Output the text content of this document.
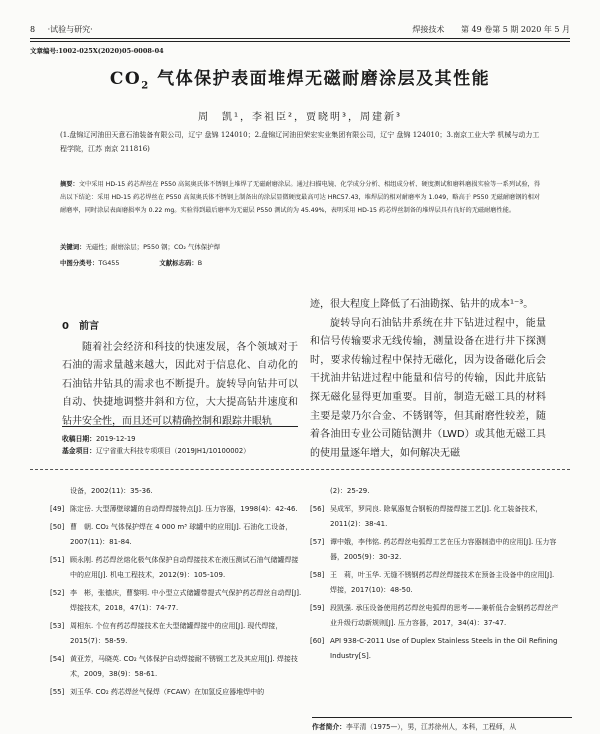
8 ·试验与研究·	焊接技术 第 49 卷第 5 期 2020 年 5 月
文章编号:1002-025X(2020)05-0008-04
$CO_2$ 气体保护表面堆焊无磁耐磨涂层及其性能
周　凯¹，李祖臣²，贾晓明³，周建新³
(1.盘锦辽河油田天意石油装备有限公司，辽宁 盘锦 124010；2.盘锦辽河油田荣宏实业集团有限公司，辽宁 盘锦 124010；3.南京工业大学 机械与动力工程学院，江苏 南京 211816)
摘要：文中采用 HD-15 药芯焊丝在 P550 高氮奥氏体不锈钢上堆焊了无磁耐磨涂层。通过扫描电镜、化学成分分析、相组成分析、硬度测试和磨料磨损实验等一系列试验，得出以下结论：采用 HD-15 药芯焊丝在 P550 高氮奥氏体不锈钢上制备出的涂层显微硬度最高可达 HRC57.43，堆焊层的相对耐磨率为 1.049，略高于 P550 无磁耐磨钢的相对耐磨率，同时涂层表面磨损率为 0.22 mg。实验得到最后磨率为无磁层 P550 测试的为 45.49%，表明采用 HD-15 药芯焊丝制备的堆焊层具有良好的无磁耐磨性能。
关键词：无磁性；耐磨涂层；P550 钢；CO₂ 气体保护焊
中图分类号：TG455	文献标志码：B
0　前言

随着社会经济和科技的快速发展，各个领域对于石油的需求量越来越大，因此对于信息化、自动化的石油钻井钻具的需求也不断提升。旋转导向钻井可以自动、快捷地调整井斜和方位，大大提高钻井速度和钻井安全性，而且还可以精确控制和跟踪井眼轨

迹，很大程度上降低了石油勘探、钻井的成本¹⁻³。

旋转导向石油钻井系统在井下钻进过程中，能量和信号传输要求无线传输，测量设备在进行井下探测时，要求传输过程中保持无磁化，因为设备磁化后会干扰油井钻进过程中能量和信号的传输，因此井底钻探无磁化显得更加重要。目前，制造无磁工具的材料主要是蒙乃尔合金、不锈钢等，但其耐磨性较差，随着各油田专业公司随钻测井（LWD）或其他无磁工具的使用量逐年增大，如何解决无磁

收稿日期：2019-12-19
基金项目：辽宁省重大科技专项项目（2019JH1/10100002）
设备，2002(11)：35-36.
[49] 陈定岳. 大型薄壁球罐的自动焊焊接特点[J]. 压力容器，1998(4)：42-46.
[50] 曹　朝. CO₂ 气体保护焊在 4 000 m³ 球罐中的应用[J]. 石油化工设备，2007(11)：81-84.
[51] 顾永刚. 药芯焊丝熔化极气体保护自动焊接技术在液压测试石油气储罐焊接中的应用[J]. 机电工程技术，2012(9)：105-109.
[52] 李　彬，张德庆，曹黎明. 中小型立式储罐带提式气保护药芯焊丝自动焊[J]. 焊接技术，2018，47(1)：74-77.
[53] 周相东. 个位有药芯焊接技术在大型储罐焊接中的应用[J]. 现代焊接，2015(7)：58-59.
[54] 黄亚芳，马晓英. CO₂ 气体保护自动焊接耐不锈钢工艺及其应用[J]. 焊接技术，2009，38(9)：58-61.
[55] 刘玉华. CO₂ 药芯焊丝气保焊（FCAW）在加氢反应器堆焊中的
(2)：25-29.
[56] 吴成军，罗同良. 除氧器复合钢板的焊接焊接工艺[J]. 化工装备技术，2011(2)：38-41.
[57] 谭中娥，李伟铭. 药芯焊丝电弧焊工艺在压力容器制造中的应用[J]. 压力容器，2005(9)：30-32.
[58] 王　莉，叶玉华. 无缝不锈钢药芯焊丝焊接技术在预备主设备中的应用[J]. 焊接，2017(10)：48-50.
[59] 段凯强. 承压设备使用药芯焊丝电弧焊的思考——兼析低合金钢药芯焊丝产业升级行动新规则[J]. 压力容器，2017，34(4)：37-47.
[60] API 938-C-2011 Use of Duplex Stainless Steels in the Oil Refining Industry[S].
作者简介：李平清（1975—），男，江苏徐州人，本科，工程师，从
